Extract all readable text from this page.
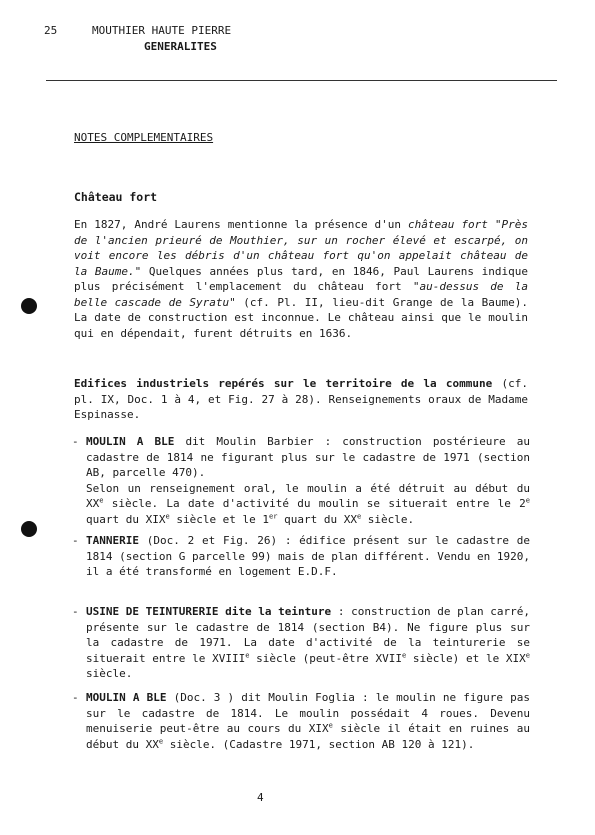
25	MOUTHIER HAUTE PIERRE
GENERALITES
NOTES COMPLEMENTAIRES
Château fort
En 1827, André Laurens mentionne la présence d'un château fort "Près de l'ancien prieuré de Mouthier, sur un rocher élevé et escarpé, on voit encore les débris d'un château fort qu'on appelait château de la Baume." Quelques années plus tard, en 1846, Paul Laurens indique plus précisément l'emplacement du château fort "au-dessus de la belle cascade de Syratu" (cf. Pl. II, lieu-dit Grange de la Baume). La date de construction est inconnue. Le château ainsi que le moulin qui en dépendait, furent détruits en 1636.
Edifices industriels repérés sur le territoire de la commune (cf. pl. IX, Doc. 1 à 4, et Fig. 27 à 28). Renseignements oraux de Madame Espinasse.
- MOULIN A BLE dit Moulin Barbier : construction postérieure au cadastre de 1814 ne figurant plus sur le cadastre de 1971 (section AB, parcelle 470).
Selon un renseignement oral, le moulin a été détruit au début du XXe siècle. La date d'activité du moulin se situerait entre le 2e quart du XIXe siècle et le 1er quart du XXe siècle.
- TANNERIE (Doc. 2 et Fig. 26) : édifice présent sur le cadastre de 1814 (section G parcelle 99) mais de plan différent. Vendu en 1920, il a été transformé en logement E.D.F.
- USINE DE TEINTURERIE dite la teinture : construction de plan carré, présente sur le cadastre de 1814 (section B4). Ne figure plus sur la cadastre de 1971. La date d'activité de la teinturerie se situerait entre le XVIIIe siècle (peut-être XVIIe siècle) et le XIXe siècle.
- MOULIN A BLE (Doc. 3 ) dit Moulin Foglia : le moulin ne figure pas sur le cadastre de 1814. Le moulin possédait 4 roues. Devenu menuiserie peut-être au cours du XIXe siècle il était en ruines au début du XXe siècle. (Cadastre 1971, section AB 120 à 121).
4
